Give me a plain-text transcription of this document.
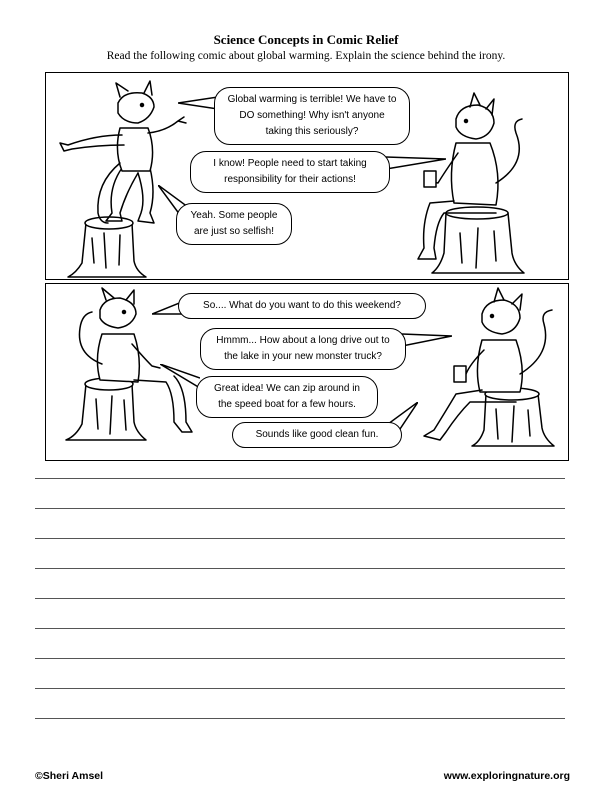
Science Concepts in Comic Relief
Read the following comic about global warming. Explain the science behind the irony.
Global warming is terrible! We have to DO something! Why isn't anyone taking this seriously?
I know! People need to start taking responsibility for their actions!
Yeah. Some people are just so selfish!
So.... What do you want to do this weekend?
Hmmm... How about a long drive out to the lake in your new monster truck?
Great idea! We can zip around in the speed boat for a few hours.
Sounds like good clean fun.
©Sheri Amsel	www.exploringnature.org
